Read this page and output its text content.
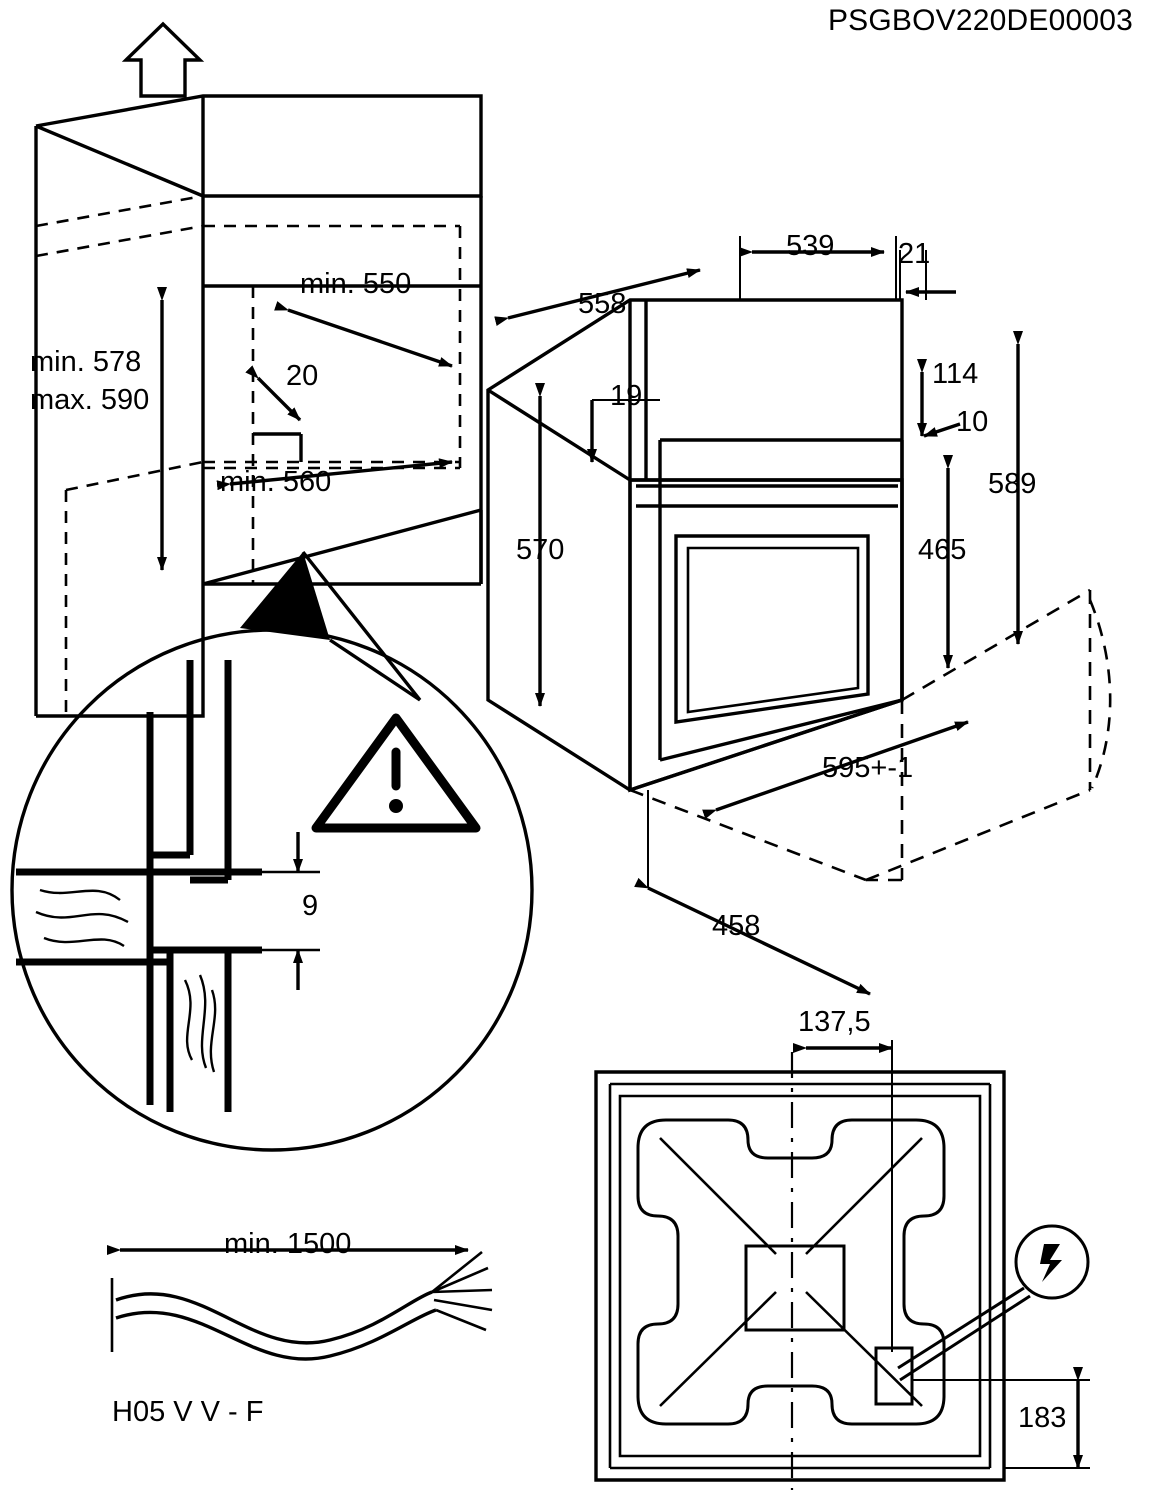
PSGBOV220DE00003
min. 550
min. 578
max. 590
20
min. 560
9
539 21
558
19
114
10
589
465
570
595+-1
458
min. 1500
H05 V V - F
137,5
183
